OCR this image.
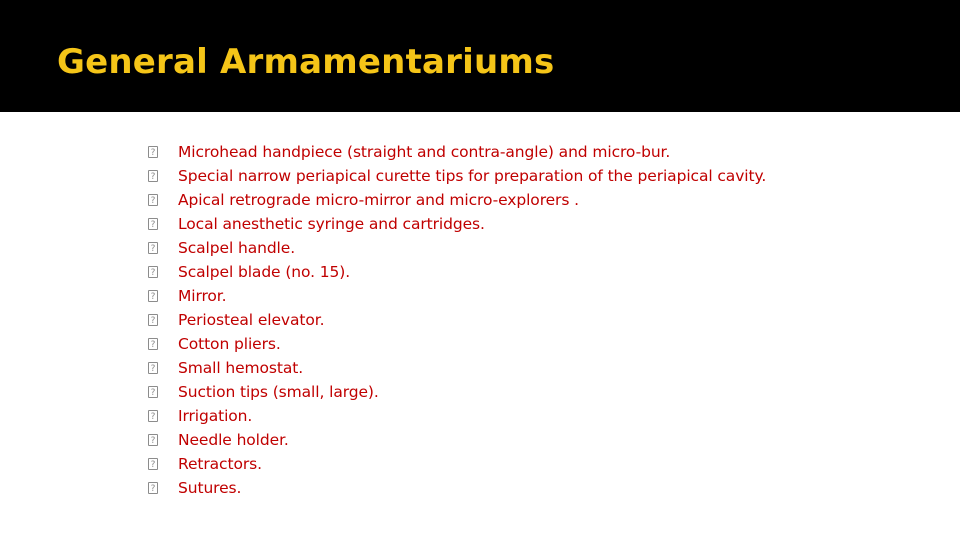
General Armamentariums
?	Microhead handpiece (straight and contra-angle) and micro-bur.
?	Special narrow periapical curette tips for preparation of the periapical cavity.
?	Apical retrograde micro-mirror and micro-explorers .
?	Local anesthetic syringe and cartridges.
?	Scalpel handle.
?	Scalpel blade (no. 15).
?	Mirror.
?	Periosteal elevator.
?	Cotton pliers.
?	Small hemostat.
?	Suction tips (small, large).
?	Irrigation.
?	Needle holder.
?	Retractors.
?	Sutures.
